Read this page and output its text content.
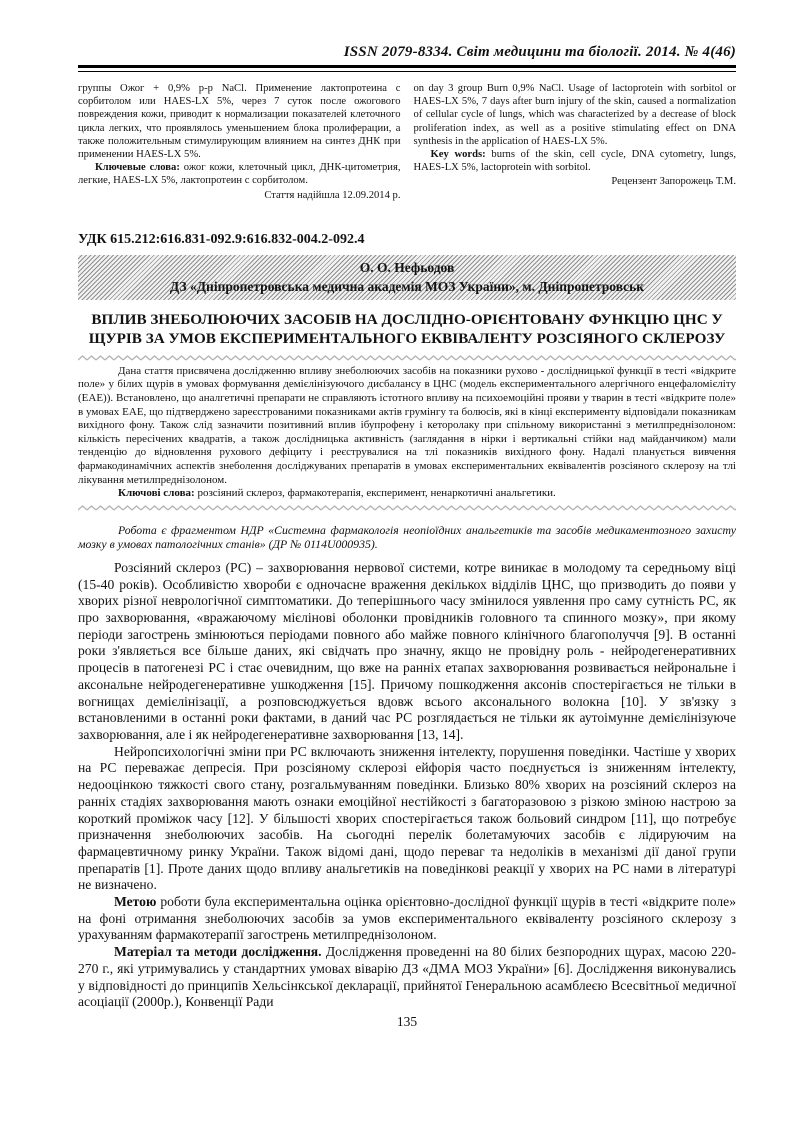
ISSN 2079-8334. Світ медицини та біології. 2014. № 4(46)

группы Ожог + 0,9% р-р NaCl. Применение лактопротеина с сорбитолом или HAES-LX 5%, через 7 суток после ожогового повреждения кожи, приводит к нормализации показателей клеточного цикла легких, что проявлялось уменьшением блока пролиферации, а также положительным стимулирующим влиянием на синтез ДНК при применении HAES-LX 5%.

Ключевые слова: ожог кожи, клеточный цикл, ДНК-цитометрия, легкие, HAES-LX 5%, лактопротеин с сорбитолом.

Стаття надійшла 12.09.2014 р.

on day 3 group Burn 0,9% NaCl. Usage of lactoprotein with sorbitol or HAES-LX 5%, 7 days after burn injury of the skin, caused a normalization of cellular cycle of lungs, which was characterized by a decrease of block proliferation index, as well as a positive stimulating effect on DNA synthesis in the application of HAES-LX 5%.

Key words: burns of the skin, cell cycle, DNA cytometry, lungs, HAES-LX 5%, lactoprotein with sorbitol.

Рецензент Запорожець Т.М.

УДК 615.212:616.831-092.9:616.832-004.2-092.4

О. О. Нефьодов

ДЗ «Дніпропетровська медична академія МОЗ України», м. Дніпропетровськ

ВПЛИВ ЗНЕБОЛЮЮЧИХ ЗАСОБІВ НА ДОСЛІДНО-ОРІЄНТОВАНУ ФУНКЦІЮ ЦНС У ЩУРІВ ЗА УМОВ ЕКСПЕРИМЕНТАЛЬНОГО ЕКВІВАЛЕНТУ РОЗСІЯНОГО СКЛЕРОЗУ

Дана стаття присвячена дослідженню впливу знеболюючих засобів на показники рухово - дослідницької функції в тесті «відкрите поле» у білих щурів в умовах формування демієлінізуючого дисбалансу в ЦНС (модель експериментального алергічного енцефаломієліту (ЕАЕ)). Встановлено, що аналгетичні препарати не справляють істотного впливу на психоемоційні прояви у тварин в тесті «відкрите поле» в умовах ЕАЕ, що підтверджено зареєстрованими показниками актів грумінгу та болюсів, які в кінці експерименту відповідали показникам вихідного фону. Також слід зазначити позитивний вплив ібупрофену і кеторолаку при спільному використанні з метилпреднізолоном: кількість пересічених квадратів, а також дослідницька активність (заглядання в нірки і вертикальні стійки над майданчиком) мали тенденцію до відновлення рухового дефіциту і реєструвалися на тлі показників вихідного фону. Надалі планується вивчення фармакодинамічних аспектів знеболення досліджуваних препаратів в умовах експериментальних еквівалентів розсіяного склерозу на тлі лікування метилпреднізолоном.

Ключові слова: розсіяний склероз, фармакотерапія, експеримент, ненаркотичні анальгетики.

Робота є фрагментом НДР «Системна фармакологія неопіоїдних анальгетиків та засобів медикаментозного захисту мозку в умовах патологічних станів» (ДР № 0114U000935).

Розсіяний склероз (РС) – захворювання нервової системи, котре виникає в молодому та середньому віці (15-40 років). Особливістю хвороби є одночасне враження декількох відділів ЦНС, що призводить до появи у хворих різної неврологічної симптоматики. До теперішнього часу змінилося уявлення про саму сутність РС, як про захворювання, «вражаючому мієлінові оболонки провідників головного та спинного мозку», при якому періоди загострень змінюються періодами повного або майже повного клінічного благополуччя [9]. В останні роки з'являється все більше даних, які свідчать про значну, якщо не провідну роль - нейродегенеративних процесів в патогенезі РС і стає очевидним, що вже на ранніх етапах захворювання розвивається нейрональне і аксональне нейродегенеративне ушкодження [15]. Причому пошкодження аксонів спостерігається не тільки в вогнищах демієлінізації, а розповсюджується вдовж всього аксонального волокна [10]. У зв'язку з встановленими в останні роки фактами, в даний час РС розглядається не тільки як аутоімунне демієлінізуюче захворювання, але і як нейродегенеративне захворювання [13, 14].

Нейропсихологічні зміни при РС включають зниження інтелекту, порушення поведінки. Частіше у хворих на РС переважає депресія. При розсіяному склерозі ейфорія часто поєднується із зниженням інтелекту, недооцінкою тяжкості свого стану, розгальмуванням поведінки. Близько 80% хворих на розсіяний склероз на ранніх стадіях захворювання мають ознаки емоційної нестійкості з багаторазовою з різкою зміною настрою за короткий проміжок часу [12]. У більшості хворих спостерігається також больовий синдром [11], що потребує призначення знеболюючих засобів. На сьогодні перелік болетамуючих засобів є лідируючим на фармацевтичному ринку України. Також відомі дані, щодо переваг та недоліків в механізмі дії даної групи препаратів [1]. Проте даних щодо впливу анальгетиків на поведінкові реакції у хворих на РС нами в літературі не визначено.

Метою роботи була експериментальна оцінка орієнтовно-дослідної функції щурів в тесті «відкрите поле» на фоні отримання знеболюючих засобів за умов експериментального еквіваленту розсіяного склерозу з урахуванням фармакотерапії загострень метилпреднізолоном.

Матеріал та методи дослідження. Дослідження проведенні на 80 білих безпородних щурах, масою 220-270 г., які утримувались у стандартних умовах віварію ДЗ «ДМА МОЗ України» [6]. Дослідження виконувались у відповідності до принципів Хельсінкської декларації, прийнятої Генеральною асамблеєю Всесвітньої медичної асоціації (2000р.), Конвенції Ради

135
